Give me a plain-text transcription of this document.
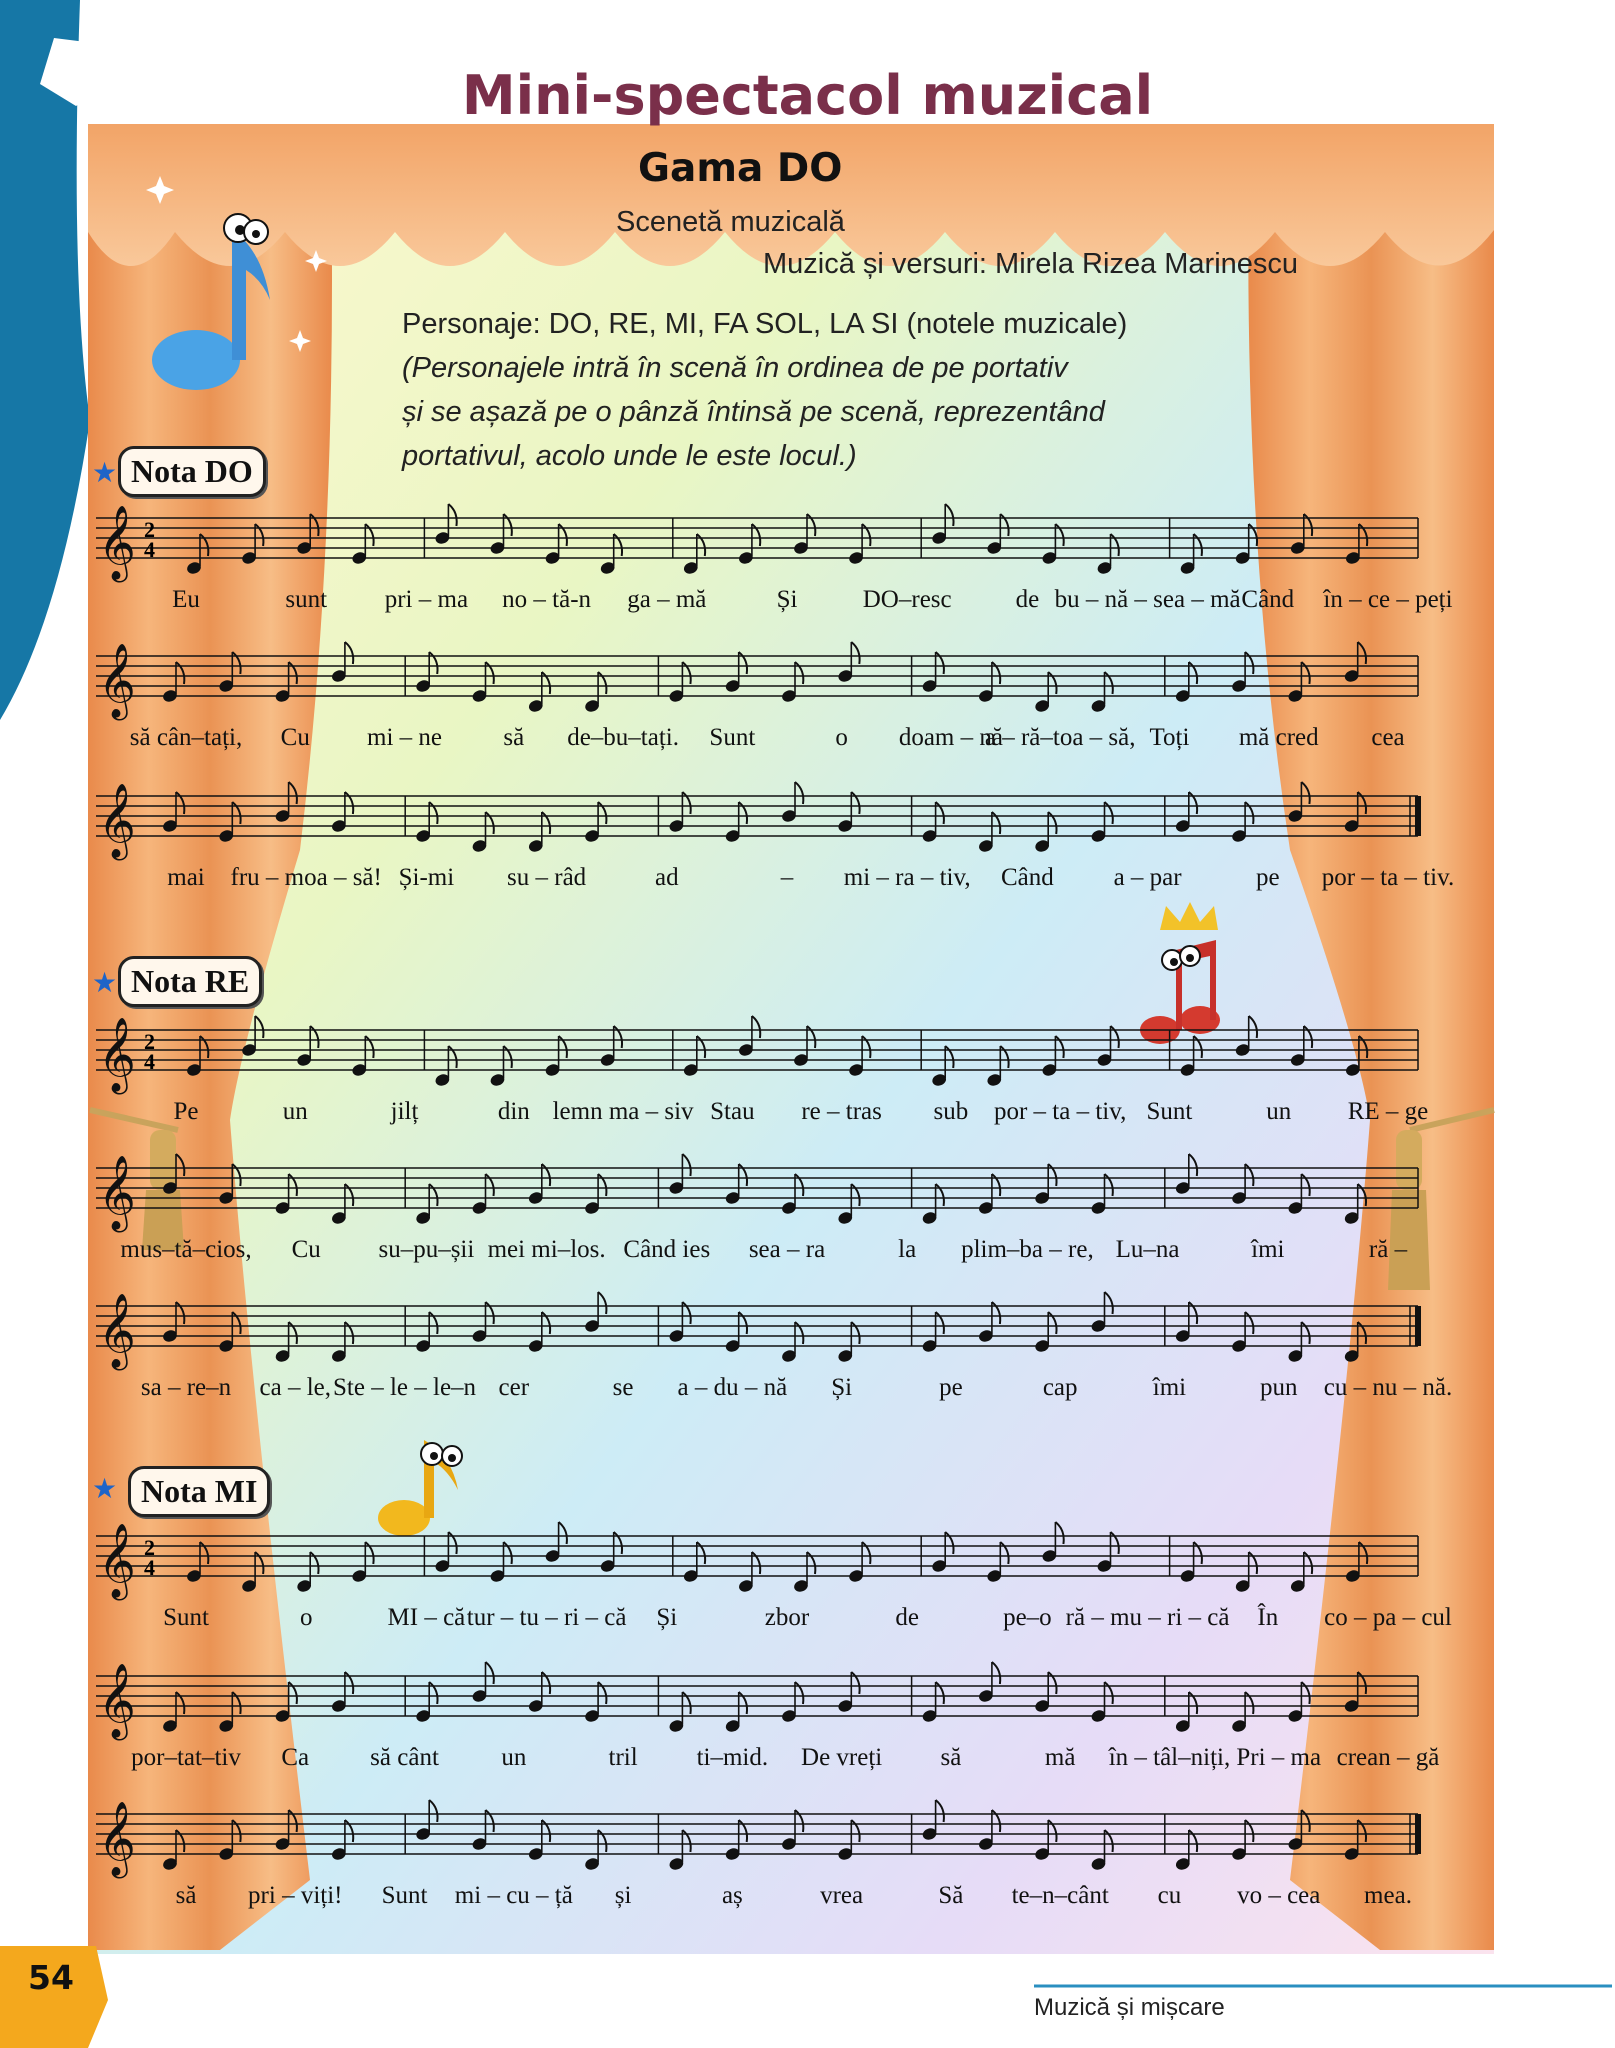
𝄞 2
4
𝄞
𝄞
𝄞 2
4
𝄞
𝄞
𝄞 2
4
𝄞
𝄞
Mini-spectacol muzical
Gama DO
Scenetă muzicală
Muzică și versuri: Mirela Rizea Marinescu
Personaje: DO, RE, MI, FA SOL, LA SI (notele muzicale)
(Personajele intră în scenă în ordinea de pe portativ
și se așază pe o pânză întinsă pe scenă, reprezentând
portativul, acolo unde le este locul.)
★ Nota DO
★ Nota RE
★ Nota MI
Eu	sunt pri – ma no – tă-n ga – mă	Și	DO–resc	de bu – nă – sea – mă Când în – ce – peți
să cân–tați, Cu mi – ne să de–bu–tați. Sunt	o doam – nă
a – ră–toa – să, Toți mă cred cea
mai fru – moa – să! Și-mi su – râd	ad	– mi – ra – tiv, Când a – par	pe por – ta – tiv.
Pe	un	jilț	din lemn ma – siv Stau re – tras sub por – ta – tiv, Sunt	un RE – ge
mus–tă–cios, Cu su–pu–șii mei mi–los. Când ies sea – ra	la plim–ba – re, Lu–na	îmi	ră –
sa – re–n ca – le, Ste – le – le–n cer	se a – du – nă Și	pe	cap	îmi	pun cu – nu – nă.
Sunt	o	MI – că tur – tu – ri – că Și	zbor	de	pe–o ră – mu – ri – că În co – pa – cul
por–tat–tiv Ca să cânt un	tril ti–mid. De vreți să	mă în – tâl–niți, Pri – ma crean – gă
să pri – viți! Sunt mi – cu – ță și	aș	vrea	Să te–n–cânt cu vo – cea mea.
54
Muzică și mișcare
